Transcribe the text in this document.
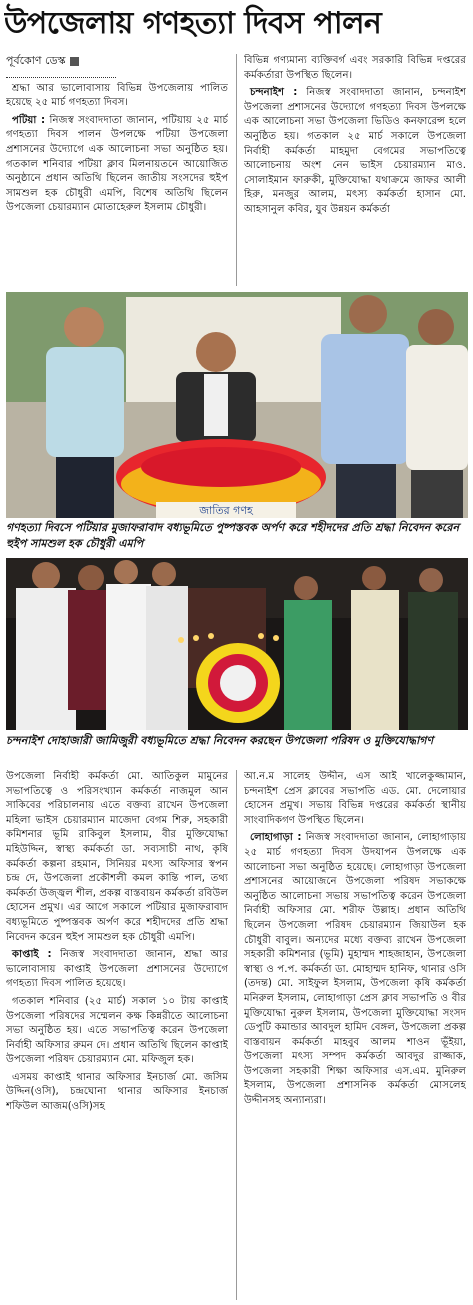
উপজেলায় গণহত্যা দিবস পালন

পূর্বকোণ ডেস্ক

শ্রদ্ধা আর ভালোবাসায় বিভিন্ন উপজেলায় পালিত হয়েছে ২৫ মার্চ গণহত্যা দিবস।

পটিয়া : নিজস্ব সংবাদদাতা জানান, পটিয়ায় ২৫ মার্চ গণহত্যা দিবস পালন উপলক্ষে পটিয়া উপজেলা প্রশাসনের উদ্যোগে এক আলোচনা সভা অনুষ্ঠিত হয়। গতকাল শনিবার পটিয়া ক্লাব মিলনায়তনে আয়োজিত অনুষ্ঠানে প্রধান অতিথি ছিলেন জাতীয় সংসদের হুইপ সামশুল হক চৌধুরী এমপি, বিশেষ অতিথি ছিলেন উপজেলা চেয়ারম্যান মোতাহেরুল ইসলাম চৌধুরী।

বিভিন্ন গণ্যমান্য ব্যক্তিবর্গ এবং সরকারি বিভিন্ন দপ্তরের কর্মকর্তারা উপস্থিত ছিলেন।

চন্দনাইশ : নিজস্ব সংবাদদাতা জানান, চন্দনাইশ উপজেলা প্রশাসনের উদ্যোগে গণহত্যা দিবস উপলক্ষে এক আলোচনা সভা উপজেলা ভিডিও কনফারেন্স হলে অনুষ্ঠিত হয়। গতকাল ২৫ মার্চ সকালে উপজেলা নির্বাহী কর্মকর্তা মাহমুদা বেগমের সভাপতিত্বে আলোচনায় অংশ নেন ভাইস চেয়ারম্যান মাও. সোলাইমান ফারুকী, মুক্তিযোদ্ধা যথাক্রমে জাফর আলী হিরু, মনজুর আলম, মৎস্য কর্মকর্তা হাসান মো. আহসানুল কবির, যুব উন্নয়ন কর্মকর্তা

জাতির গণহ

গণহত্যা দিবসে পটিয়ার মুজাফরাবাদ বধ্যভূমিতে পুষ্পস্তবক অর্পণ করে শহীদদের প্রতি শ্রদ্ধা নিবেদন করেন হুইপ সামশুল হক চৌধুরী এমপি

চন্দনাইশ দোহাজারী জামিজুরী বধ্যভূমিতে শ্রদ্ধা নিবেদন করছেন উপজেলা পরিষদ ও মুক্তিযোদ্ধাগণ

উপজেলা নির্বাহী কর্মকর্তা মো. আতিকুল মামুনের সভাপতিত্বে ও পরিসংখ্যান কর্মকর্তা নাজমুল আন সাকিবের পরিচালনায় এতে বক্তব্য রাখেন উপজেলা মহিলা ভাইস চেয়ারম্যান মাজেদা বেগম শিরু, সহকারী কমিশনার ভূমি রাকিবুল ইসলাম, বীর মুক্তিযোদ্ধা মহিউদ্দিন, স্বাস্থ্য কর্মকর্তা ডা. সব্যসাচী নাথ, কৃষি কর্মকর্তা কল্পনা রহমান, সিনিয়র মৎস্য অফিসার স্বপন চন্দ্র দে, উপজেলা প্রকৌশলী কমল কান্তি পাল, তথ্য কর্মকর্তা উজ্জ্বল শীল, প্রকল্প বাস্তবায়ন কর্মকর্তা রবিউল হোসেন প্রমুখ। এর আগে সকালে পটিয়ার মুজাফরাবাদ বধ্যভূমিতে পুষ্পস্তবক অর্পণ করে শহীদদের প্রতি শ্রদ্ধা নিবেদন করেন হুইপ সামশুল হক চৌধুরী এমপি।

কাপ্তাই : নিজস্ব সংবাদদাতা জানান, শ্রদ্ধা আর ভালোবাসায় কাপ্তাই উপজেলা প্রশাসনের উদ্যোগে গণহত্যা দিবস পালিত হয়েছে।

গতকাল শনিবার (২৫ মার্চ) সকাল ১০ টায় কাপ্তাই উপজেলা পরিষদের সম্মেলন কক্ষ কিন্নরীতে আলোচনা সভা অনুষ্ঠিত হয়। এতে সভাপতিত্ব করেন উপজেলা নির্বাহী অফিসার রুমন দে। প্রধান অতিথি ছিলেন কাপ্তাই উপজেলা পরিষদ চেয়ারম্যান মো. মফিজুল হক।

এসময় কাপ্তাই থানার অফিসার ইনচার্জ মো. জসিম উদ্দিন(ওসি), চন্দ্রঘোনা থানার অফিসার ইনচার্জ শফিউল আজম(ওসি)সহ

আ.ন.ম সালেহ উদ্দীন, এস আই খালেকুজ্জামান, চন্দনাইশ প্রেস ক্লাবের সভাপতি এড. মো. দেলোয়ার হোসেন প্রমুখ। সভায় বিভিন্ন দপ্তরের কর্মকর্তা স্থানীয় সাংবাদিকগণ উপস্থিত ছিলেন।

লোহাগাড়া : নিজস্ব সংবাদদাতা জানান, লোহাগাড়ায় ২৫ মার্চ গণহত্যা দিবস উদযাপন উপলক্ষে এক আলোচনা সভা অনুষ্ঠিত হয়েছে। লোহাগাড়া উপজেলা প্রশাসনের আয়োজনে উপজেলা পরিষদ সভাকক্ষে অনুষ্ঠিত আলোচনা সভায় সভাপতিত্ব করেন উপজেলা নির্বাহী অফিসার মো. শরীফ উল্লাহ। প্রধান অতিথি ছিলেন উপজেলা পরিষদ চেয়ারম্যান জিয়াউল হক চৌধুরী বাবুল। অন্যদের মধ্যে বক্তব্য রাখেন উপজেলা সহকারী কমিশনার (ভূমি) মুহাম্মদ শাহজাহান, উপজেলা স্বাস্থ্য ও প.প. কর্মকর্তা ডা. মোহাম্মদ হানিফ, থানার ওসি (তদন্ত) মো. সাইফুল ইসলাম, উপজেলা কৃষি কর্মকর্তা মনিরুল ইসলাম, লোহাগাড়া প্রেস ক্লাব সভাপতি ও বীর মুক্তিযোদ্ধা নুরুল ইসলাম, উপজেলা মুক্তিযোদ্ধা সংসদ ডেপুটি কমান্ডার আবদুল হামিদ বেঙ্গল, উপজেলা প্রকল্প বাস্তবায়ন কর্মকর্তা মাহবুব আলম শাওন ভূঁইয়া, উপজেলা মৎস্য সম্পদ কর্মকর্তা আবদুর রাজ্জাক, উপজেলা সহকারী শিক্ষা অফিসার এস.এম. মুনিরুল ইসলাম, উপজেলা প্রশাসনিক কর্মকর্তা মোসলেহ উদ্দীনসহ অন্যান্যরা।
